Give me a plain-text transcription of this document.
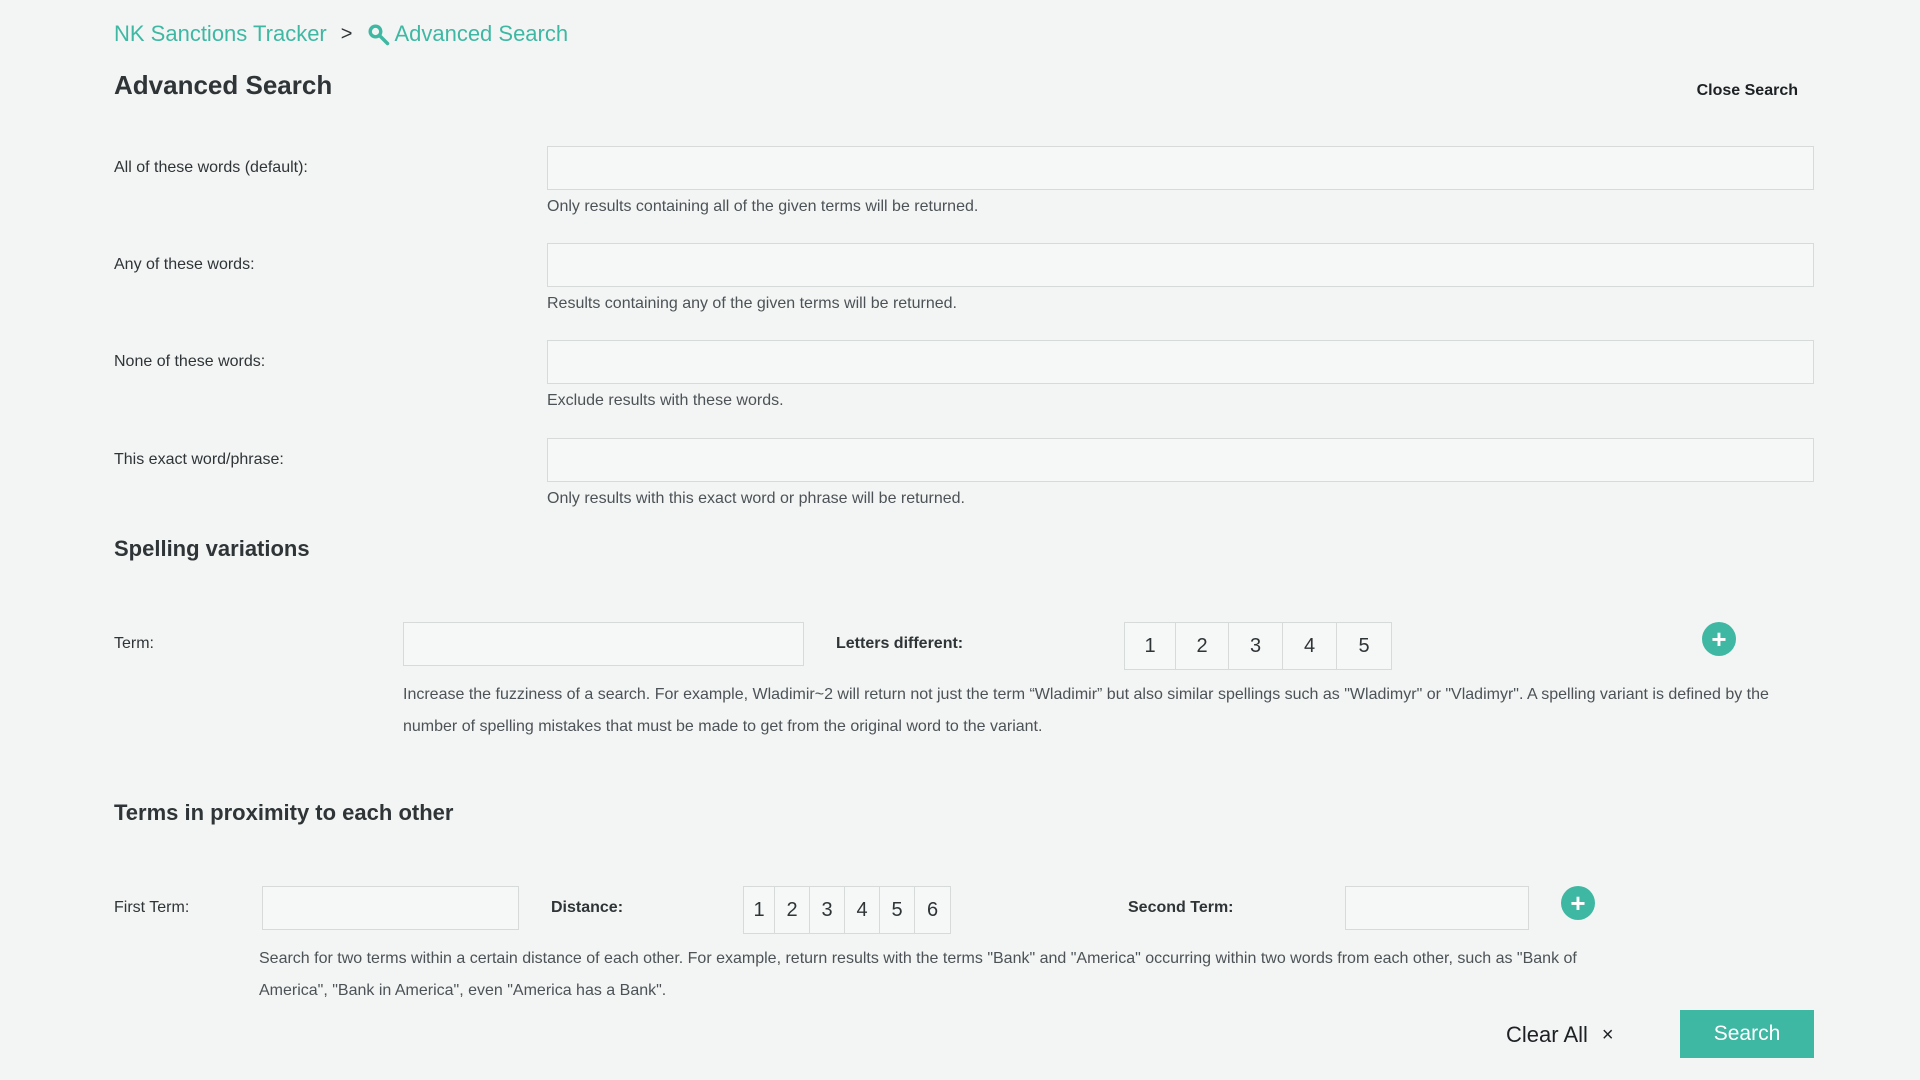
NK Sanctions Tracker > Advanced Search
Advanced Search	Close Search
All of these words (default):
Only results containing all of the given terms will be returned.
Any of these words:
Results containing any of the given terms will be returned.
None of these words:
Exclude results with these words.
This exact word/phrase:
Only results with this exact word or phrase will be returned.
Spelling variations
Term:	Letters different:	1	2	3	4	5	+
Increase the fuzziness of a search. For example, Wladimir~2 will return not just the term “Wladimir” but also similar spellings such as "Wladimyr" or "Vladimyr". A spelling variant is defined by the
number of spelling mistakes that must be made to get from the original word to the variant.
Terms in proximity to each other
First Term:	Distance:	1	2	3	4	5	6	Second Term:	+
Search for two terms within a certain distance of each other. For example, return results with the terms "Bank" and "America" occurring within two words from each other, such as "Bank of
America", "Bank in America", even "America has a Bank".
Clear All ×	Search
